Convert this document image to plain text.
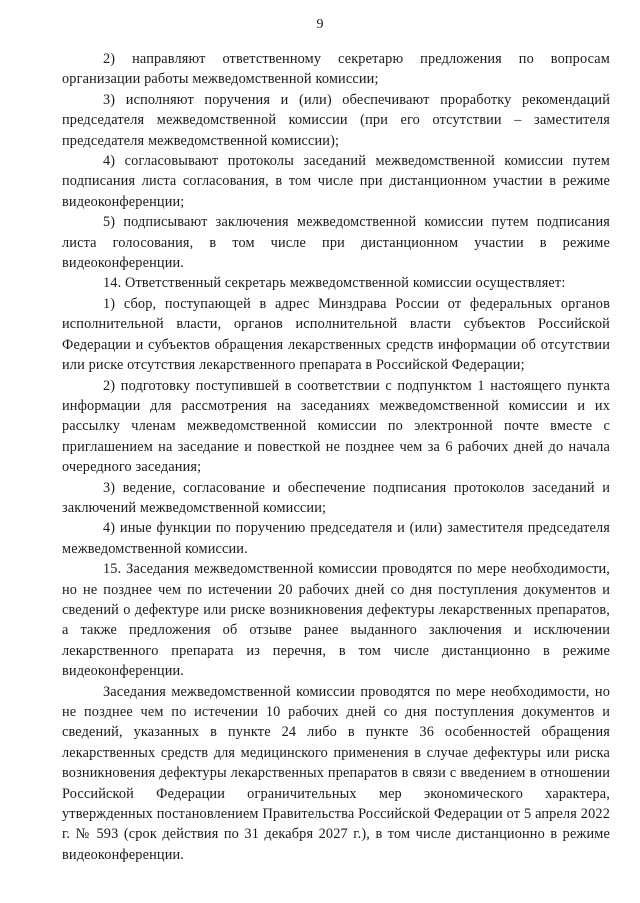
9

2) направляют ответственному секретарю предложения по вопросам организации работы межведомственной комиссии;

3) исполняют поручения и (или) обеспечивают проработку рекомендаций председателя межведомственной комиссии (при его отсутствии – заместителя председателя межведомственной комиссии);

4) согласовывают протоколы заседаний межведомственной комиссии путем подписания листа согласования, в том числе при дистанционном участии в режиме видеоконференции;

5) подписывают заключения межведомственной комиссии путем подписания листа голосования, в том числе при дистанционном участии в режиме видеоконференции.

14. Ответственный секретарь межведомственной комиссии осуществляет:

1) сбор, поступающей в адрес Минздрава России от федеральных органов исполнительной власти, органов исполнительной власти субъектов Российской Федерации и субъектов обращения лекарственных средств информации об отсутствии или риске отсутствия лекарственного препарата в Российской Федерации;

2) подготовку поступившей в соответствии с подпунктом 1 настоящего пункта информации для рассмотрения на заседаниях межведомственной комиссии и их рассылку членам межведомственной комиссии по электронной почте вместе с приглашением на заседание и повесткой не позднее чем за 6 рабочих дней до начала очередного заседания;

3) ведение, согласование и обеспечение подписания протоколов заседаний и заключений межведомственной комиссии;

4) иные функции по поручению председателя и (или) заместителя председателя межведомственной комиссии.

15. Заседания межведомственной комиссии проводятся по мере необходимости, но не позднее чем по истечении 20 рабочих дней со дня поступления документов и сведений о дефектуре или риске возникновения дефектуры лекарственных препаратов, а также предложения об отзыве ранее выданного заключения и исключении лекарственного препарата из перечня, в том числе дистанционно в режиме видеоконференции.

Заседания межведомственной комиссии проводятся по мере необходимости, но не позднее чем по истечении 10 рабочих дней со дня поступления документов и сведений, указанных в пункте 24 либо в пункте 36 особенностей обращения лекарственных средств для медицинского применения в случае дефектуры или риска возникновения дефектуры лекарственных препаратов в связи с введением в отношении Российской Федерации ограничительных мер экономического характера, утвержденных постановлением Правительства Российской Федерации от 5 апреля 2022 г. № 593 (срок действия по 31 декабря 2027 г.), в том числе дистанционно в режиме видеоконференции.
